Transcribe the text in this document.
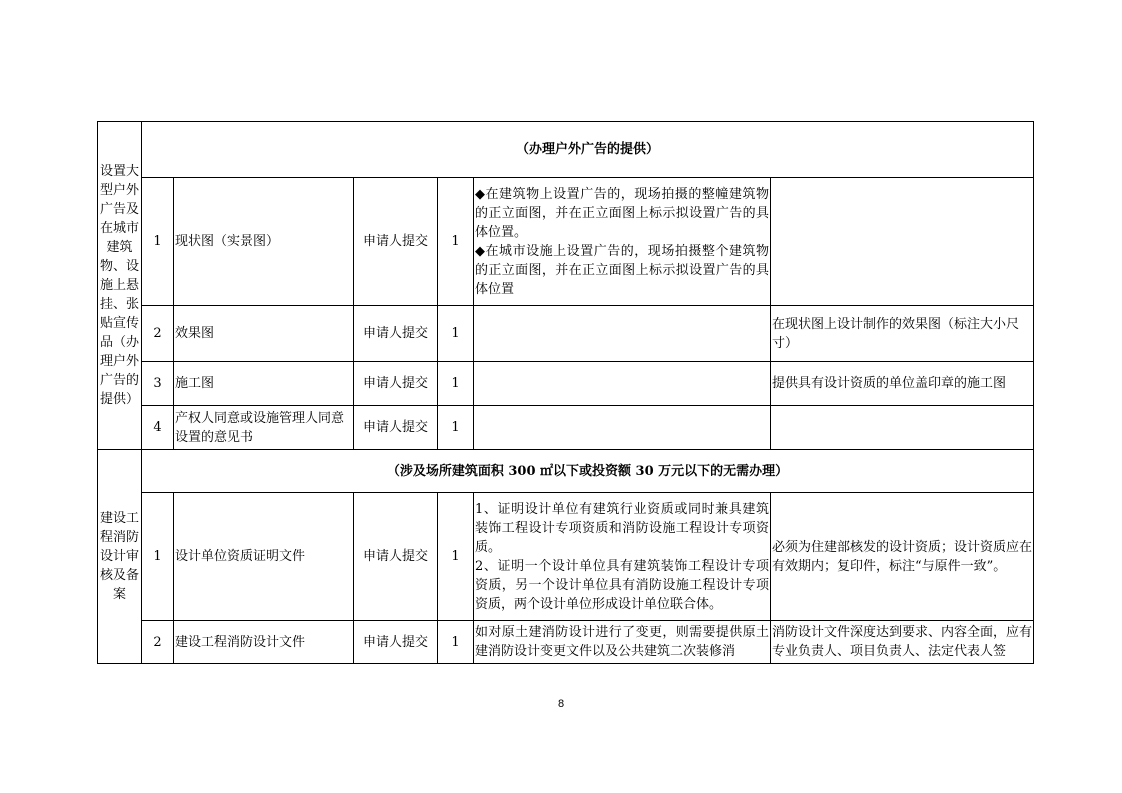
设置大型户外广告及在城市建筑物、设施上悬挂、张贴宣传品（办理户外广告的提供）	（办理户外广告的提供）					
	1	现状图（实景图）	申请人提交	1	◆在建筑物上设置广告的，现场拍摄的整幢建筑物的正立面图，并在正立面图上标示拟设置广告的具体位置。
◆在城市设施上设置广告的，现场拍摄整个建筑物的正立面图，并在正立面图上标示拟设置广告的具体位置	
	2	效果图	申请人提交	1		在现状图上设计制作的效果图（标注大小尺寸）
	3	施工图	申请人提交	1		提供具有设计资质的单位盖印章的施工图
	4	产权人同意或设施管理人同意设置的意见书	申请人提交	1		
建设工程消防设计审核及备案	（涉及场所建筑面积 300 ㎡以下或投资额 30 万元以下的无需办理）					
	1	设计单位资质证明文件	申请人提交	1	1、证明设计单位有建筑行业资质或同时兼具建筑装饰工程设计专项资质和消防设施工程设计专项资质。
2、证明一个设计单位具有建筑装饰工程设计专项资质，另一个设计单位具有消防设施工程设计专项资质，两个设计单位形成设计单位联合体。	必须为住建部核发的设计资质；设计资质应在有效期内；复印件，标注“与原件一致”。
	2	建设工程消防设计文件	申请人提交	1	如对原土建消防设计进行了变更，则需要提供原土建消防设计变更文件以及公共建筑二次装修消	消防设计文件深度达到要求、内容全面，应有专业负责人、项目负责人、法定代表人签
8
